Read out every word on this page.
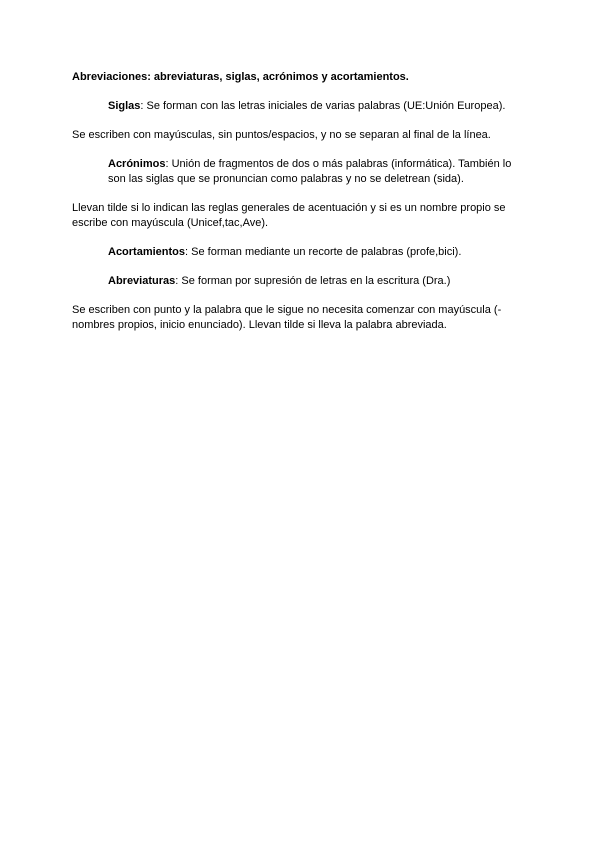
Abreviaciones: abreviaturas, siglas, acrónimos y acortamientos.

Siglas: Se forman con las letras iniciales de varias palabras (UE:Unión Europea).

Se escriben con mayúsculas, sin puntos/espacios, y no se separan al final de la línea.

Acrónimos: Unión de fragmentos de dos o más palabras (informática). También lo son las siglas que se pronuncian como palabras y no se deletrean (sida).

Llevan tilde si lo indican las reglas generales de acentuación y si es un nombre propio se escribe con mayúscula (Unicef,tac,Ave).

Acortamientos: Se forman mediante un recorte de palabras (profe,bici).

Abreviaturas: Se forman por supresión de letras en la escritura (Dra.)

Se escriben con punto y la palabra que le sigue no necesita comenzar con mayúscula (-nombres propios, inicio enunciado). Llevan tilde si lleva la palabra abreviada.
